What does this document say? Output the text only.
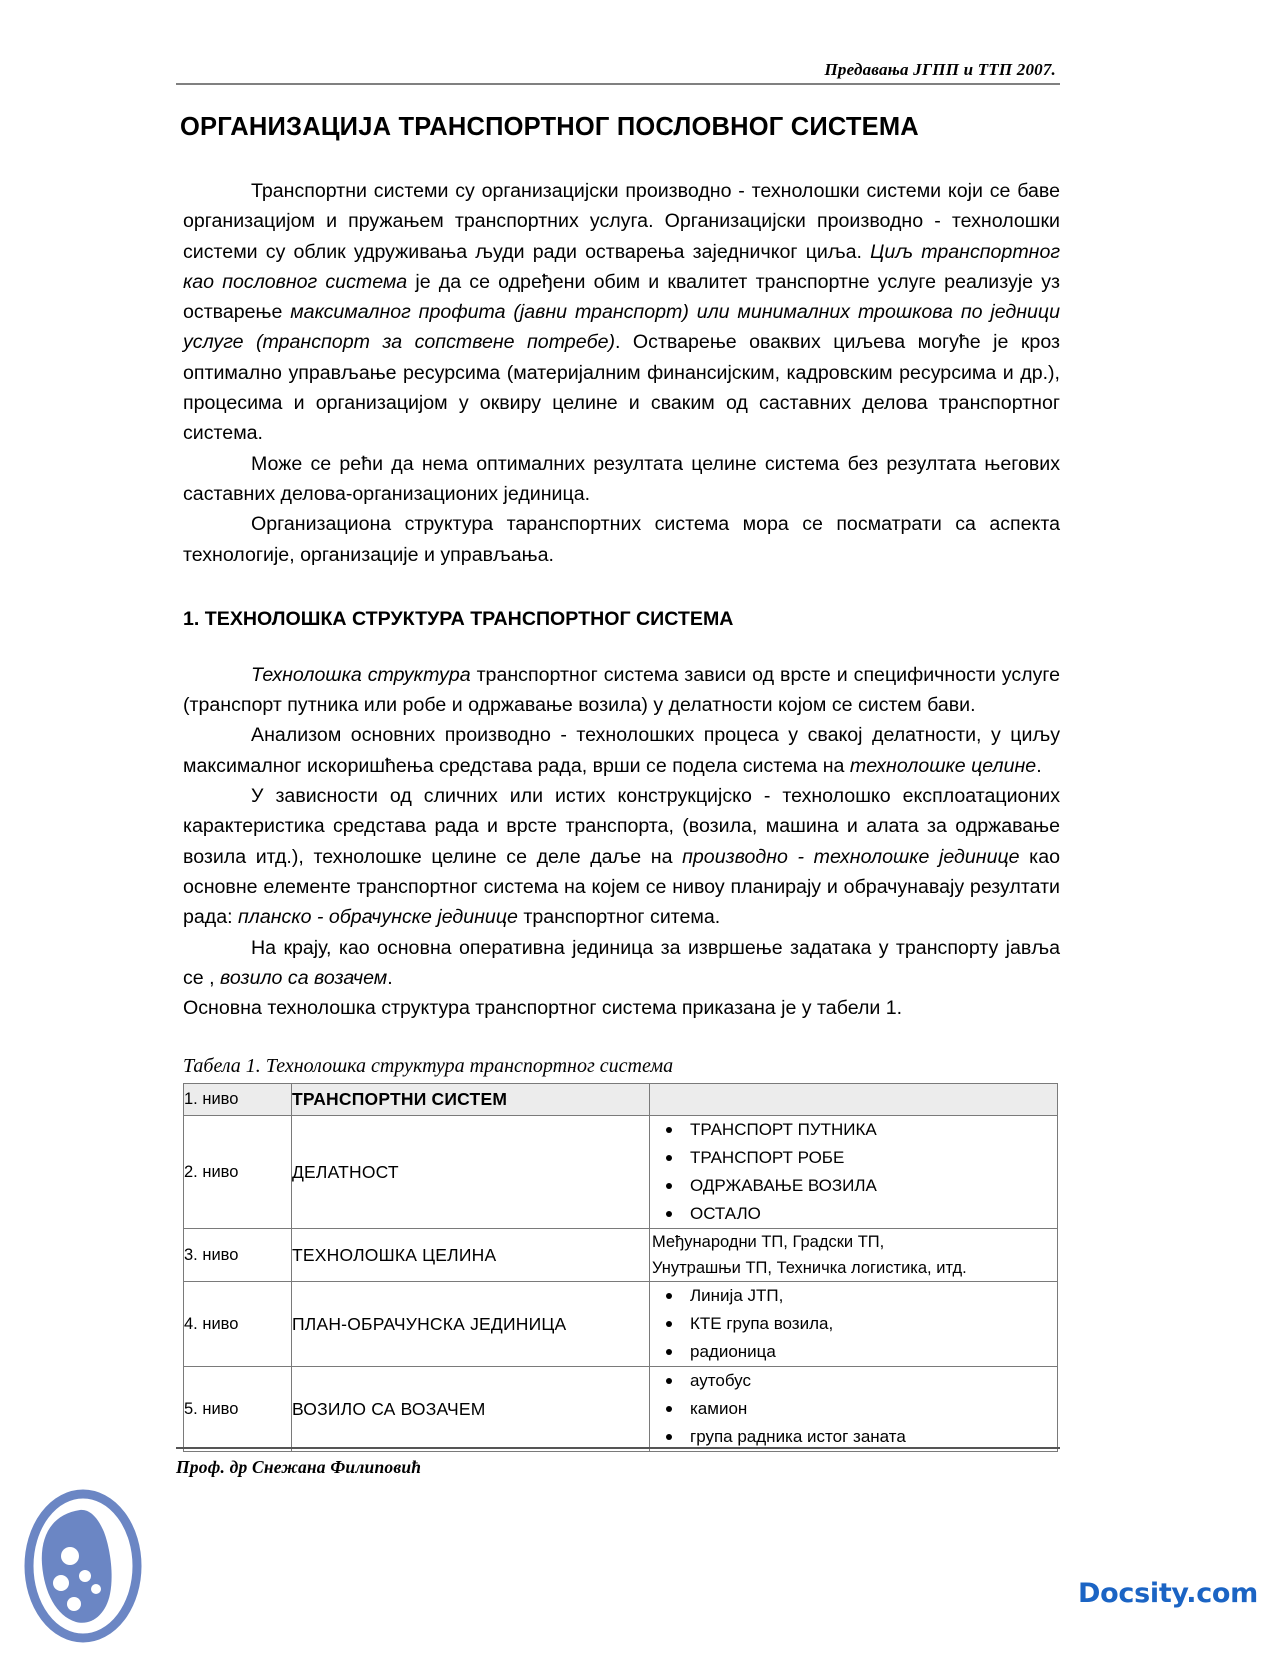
Предавања ЈГПП и ТТП 2007.
ОРГАНИЗАЦИЈА ТРАНСПОРТНОГ ПОСЛОВНОГ СИСТЕМА

Транспортни системи су организацијски производно - технолошки системи који се баве организацијом и пружањем транспортних услуга. Организацијски производно - технолошки системи су облик удруживања људи ради остварења заједничког циља. Циљ транспортног као пословног система је да се одређени обим и квалитет транспортне услуге реализује уз остварење максималног профита (јавни транспорт) или минималних трошкова по једници услуге (транспорт за сопствене потребе). Остварење оваквих циљева могуће је кроз оптимално управљање ресурсима (материјалним финансијским, кадровским ресурсима и др.), процесима и организацијом у оквиру целине и сваким од саставних делова транспортног система.

Може се рећи да нема оптималних резултата целине система без резултата његових саставних делова-организационих јединица.

Организациона структура таранспортних система мора се посматрати са аспекта технологије, организације и управљања.

1. ТЕХНОЛОШКА СТРУКТУРА ТРАНСПОРТНОГ СИСТЕМА

Технолошка структура транспортног система зависи од врсте и специфичности услуге (транспорт путника или робе и одржавање возила) у делатности којом се систем бави.

Анализом основних производно - технолошких процеса у свакој делатности, у циљу максималног искоришћења средстава рада, врши се подела система на технолошке целине.

У зависности од сличних или истих конструкцијско - технолошко експлоатационих карактеристика средстава рада и врсте транспорта, (возила, машина и алата за одржавање возила итд.), технолошке целине се деле даље на производно - технолошке јединице као основне елементе транспортног система на којем се нивоу планирају и обрачунавају резултати рада: планско - обрачунске јединице транспортног ситема.

На крају, као основна оперативна јединица за извршење задатака у транспорту јавља се , возило са возачем.

Основна технолошка структура транспортног система приказана је у табели 1.

Табела 1. Технолошка структура транспортног система
1. ниво	ТРАНСПОРТНИ СИСТЕМ	
2. ниво	ДЕЛАТНОСТ	
ТРАНСПОРТ ПУТНИКА
ТРАНСПОРТ РОБЕ
ОДРЖАВАЊЕ ВОЗИЛА
ОСТАЛО

3. ниво	ТЕХНОЛОШКА ЦЕЛИНА	Међународни ТП, Градски ТП,
Унутрашњи ТП, Техничка логистика, итд.

4. ниво	ПЛАН-ОБРАЧУНСКА ЈЕДИНИЦА	
Линија ЈТП,
КТЕ група возила,
радионица

5. ниво	ВОЗИЛО СА ВОЗАЧЕМ	
аутобус
камион
група радника истог заната
Проф. др Снежана Филиповић
Docsity.com
